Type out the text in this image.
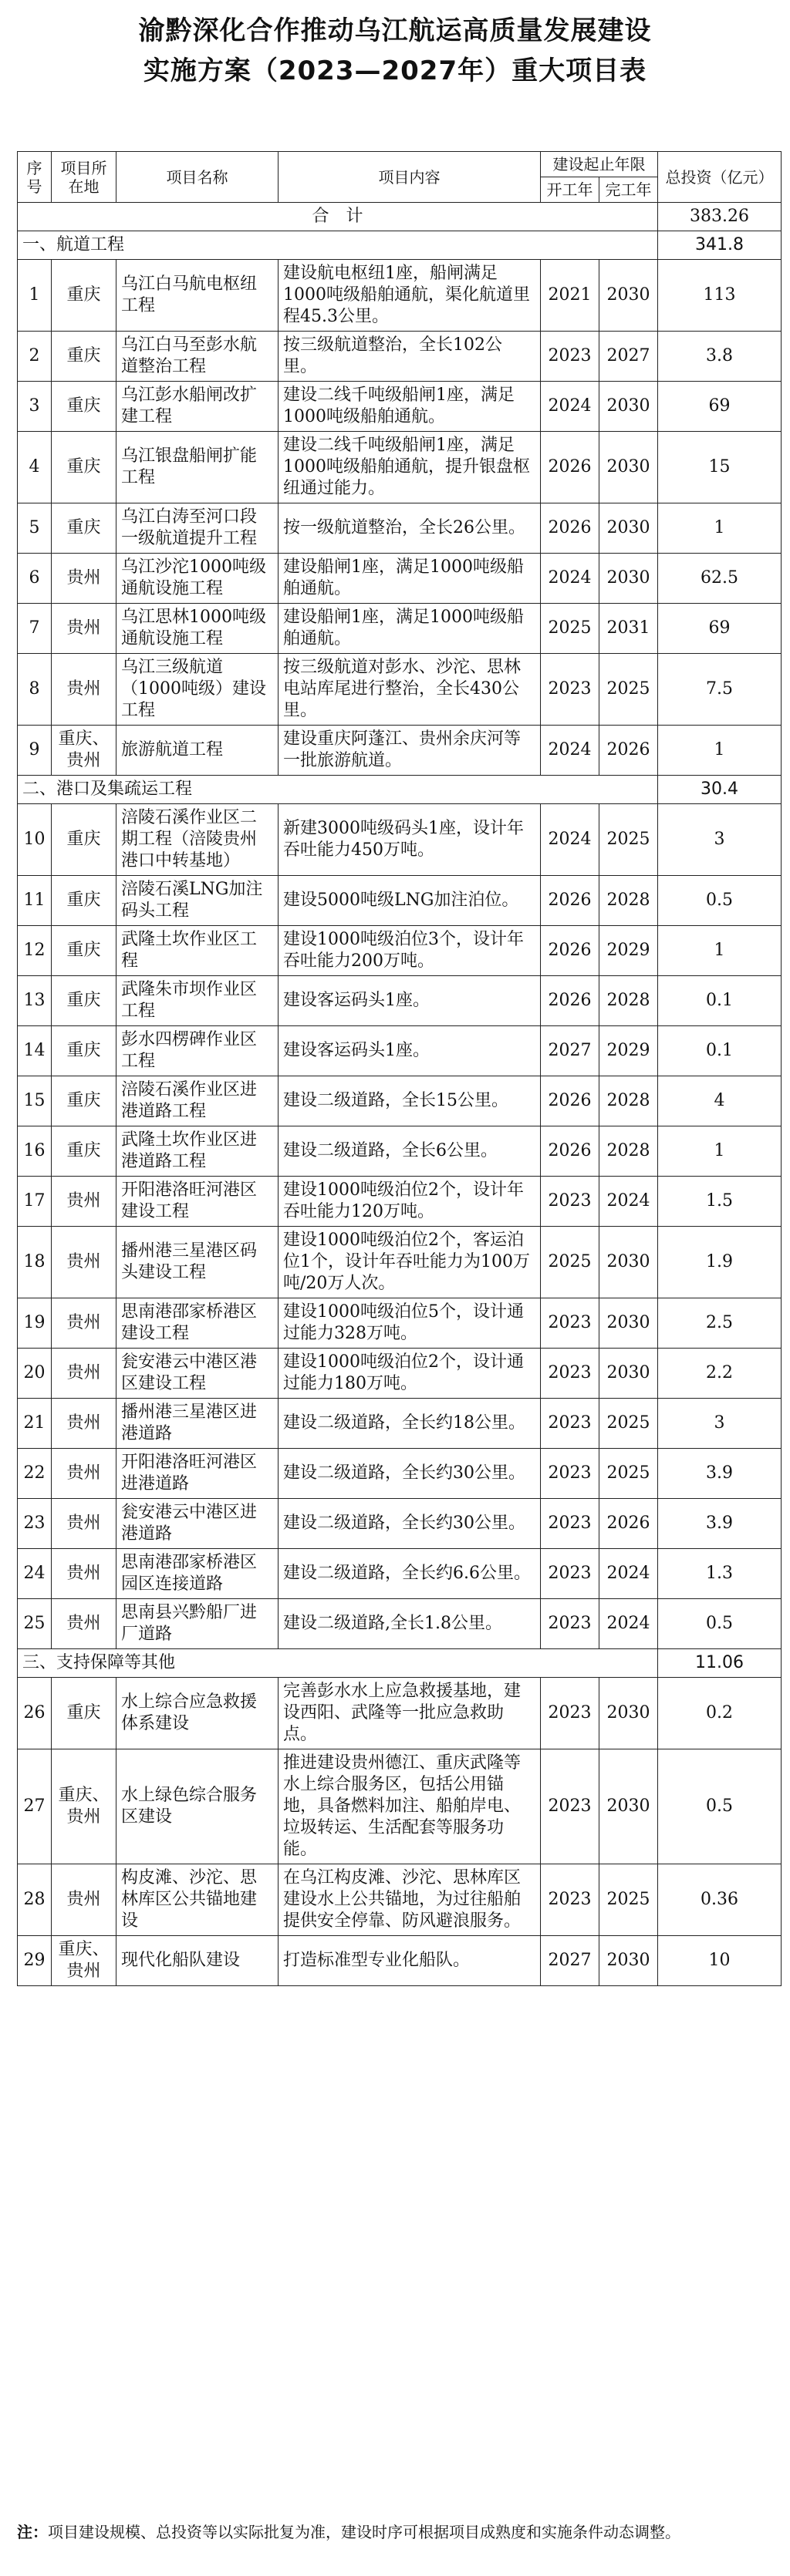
渝黔深化合作推动乌江航运高质量发展建设
实施方案（2023—2027年）重大项目表
序号	项目所在地	项目名称	项目内容	建设起止年限		总投资（亿元）
				开工年	完工年	
合　计						383.26
一、航道工程						341.8
1	重庆	乌江白马航电枢纽工程	建设航电枢纽1座，船闸满足1000吨级船舶通航，渠化航道里程45.3公里。	2021	2030	113
2	重庆	乌江白马至彭水航道整治工程	按三级航道整治，全长102公里。	2023	2027	3.8
3	重庆	乌江彭水船闸改扩建工程	建设二线千吨级船闸1座，满足1000吨级船舶通航。	2024	2030	69
4	重庆	乌江银盘船闸扩能工程	建设二线千吨级船闸1座，满足1000吨级船舶通航，提升银盘枢纽通过能力。	2026	2030	15
5	重庆	乌江白涛至河口段一级航道提升工程	按一级航道整治，全长26公里。	2026	2030	1
6	贵州	乌江沙沱1000吨级通航设施工程	建设船闸1座，满足1000吨级船舶通航。	2024	2030	62.5
7	贵州	乌江思林1000吨级通航设施工程	建设船闸1座，满足1000吨级船舶通航。	2025	2031	69
8	贵州	乌江三级航道（1000吨级）建设工程	按三级航道对彭水、沙沱、思林电站库尾进行整治，全长430公里。	2023	2025	7.5
9	重庆、贵州	旅游航道工程	建设重庆阿蓬江、贵州余庆河等一批旅游航道。	2024	2026	1
二、港口及集疏运工程						30.4
10	重庆	涪陵石溪作业区二期工程（涪陵贵州港口中转基地）	新建3000吨级码头1座，设计年吞吐能力450万吨。	2024	2025	3
11	重庆	涪陵石溪LNG加注码头工程	建设5000吨级LNG加注泊位。	2026	2028	0.5
12	重庆	武隆土坎作业区工程	建设1000吨级泊位3个，设计年吞吐能力200万吨。	2026	2029	1
13	重庆	武隆朱市坝作业区工程	建设客运码头1座。	2026	2028	0.1
14	重庆	彭水四楞碑作业区工程	建设客运码头1座。	2027	2029	0.1
15	重庆	涪陵石溪作业区进港道路工程	建设二级道路，全长15公里。	2026	2028	4
16	重庆	武隆土坎作业区进港道路工程	建设二级道路，全长6公里。	2026	2028	1
17	贵州	开阳港洛旺河港区建设工程	建设1000吨级泊位2个，设计年吞吐能力120万吨。	2023	2024	1.5
18	贵州	播州港三星港区码头建设工程	建设1000吨级泊位2个，客运泊位1个，设计年吞吐能力为100万吨/20万人次。	2025	2030	1.9
19	贵州	思南港邵家桥港区建设工程	建设1000吨级泊位5个，设计通过能力328万吨。	2023	2030	2.5
20	贵州	瓮安港云中港区港区建设工程	建设1000吨级泊位2个，设计通过能力180万吨。	2023	2030	2.2
21	贵州	播州港三星港区进港道路	建设二级道路，全长约18公里。	2023	2025	3
22	贵州	开阳港洛旺河港区进港道路	建设二级道路，全长约30公里。	2023	2025	3.9
23	贵州	瓮安港云中港区进港道路	建设二级道路，全长约30公里。	2023	2026	3.9
24	贵州	思南港邵家桥港区园区连接道路	建设二级道路，全长约6.6公里。	2023	2024	1.3
25	贵州	思南县兴黔船厂进厂道路	建设二级道路,全长1.8公里。	2023	2024	0.5
三、支持保障等其他						11.06
26	重庆	水上综合应急救援体系建设	完善彭水水上应急救援基地，建设西阳、武隆等一批应急救助点。	2023	2030	0.2
27	重庆、贵州	水上绿色综合服务区建设	推进建设贵州德江、重庆武隆等水上综合服务区，包括公用锚地，具备燃料加注、船舶岸电、垃圾转运、生活配套等服务功能。	2023	2030	0.5
28	贵州	构皮滩、沙沱、思林库区公共锚地建设	在乌江构皮滩、沙沱、思林库区建设水上公共锚地，为过往船舶提供安全停靠、防风避浪服务。	2023	2025	0.36
29	重庆、贵州	现代化船队建设	打造标准型专业化船队。	2027	2030	10
注：项目建设规模、总投资等以实际批复为准，建设时序可根据项目成熟度和实施条件动态调整。
